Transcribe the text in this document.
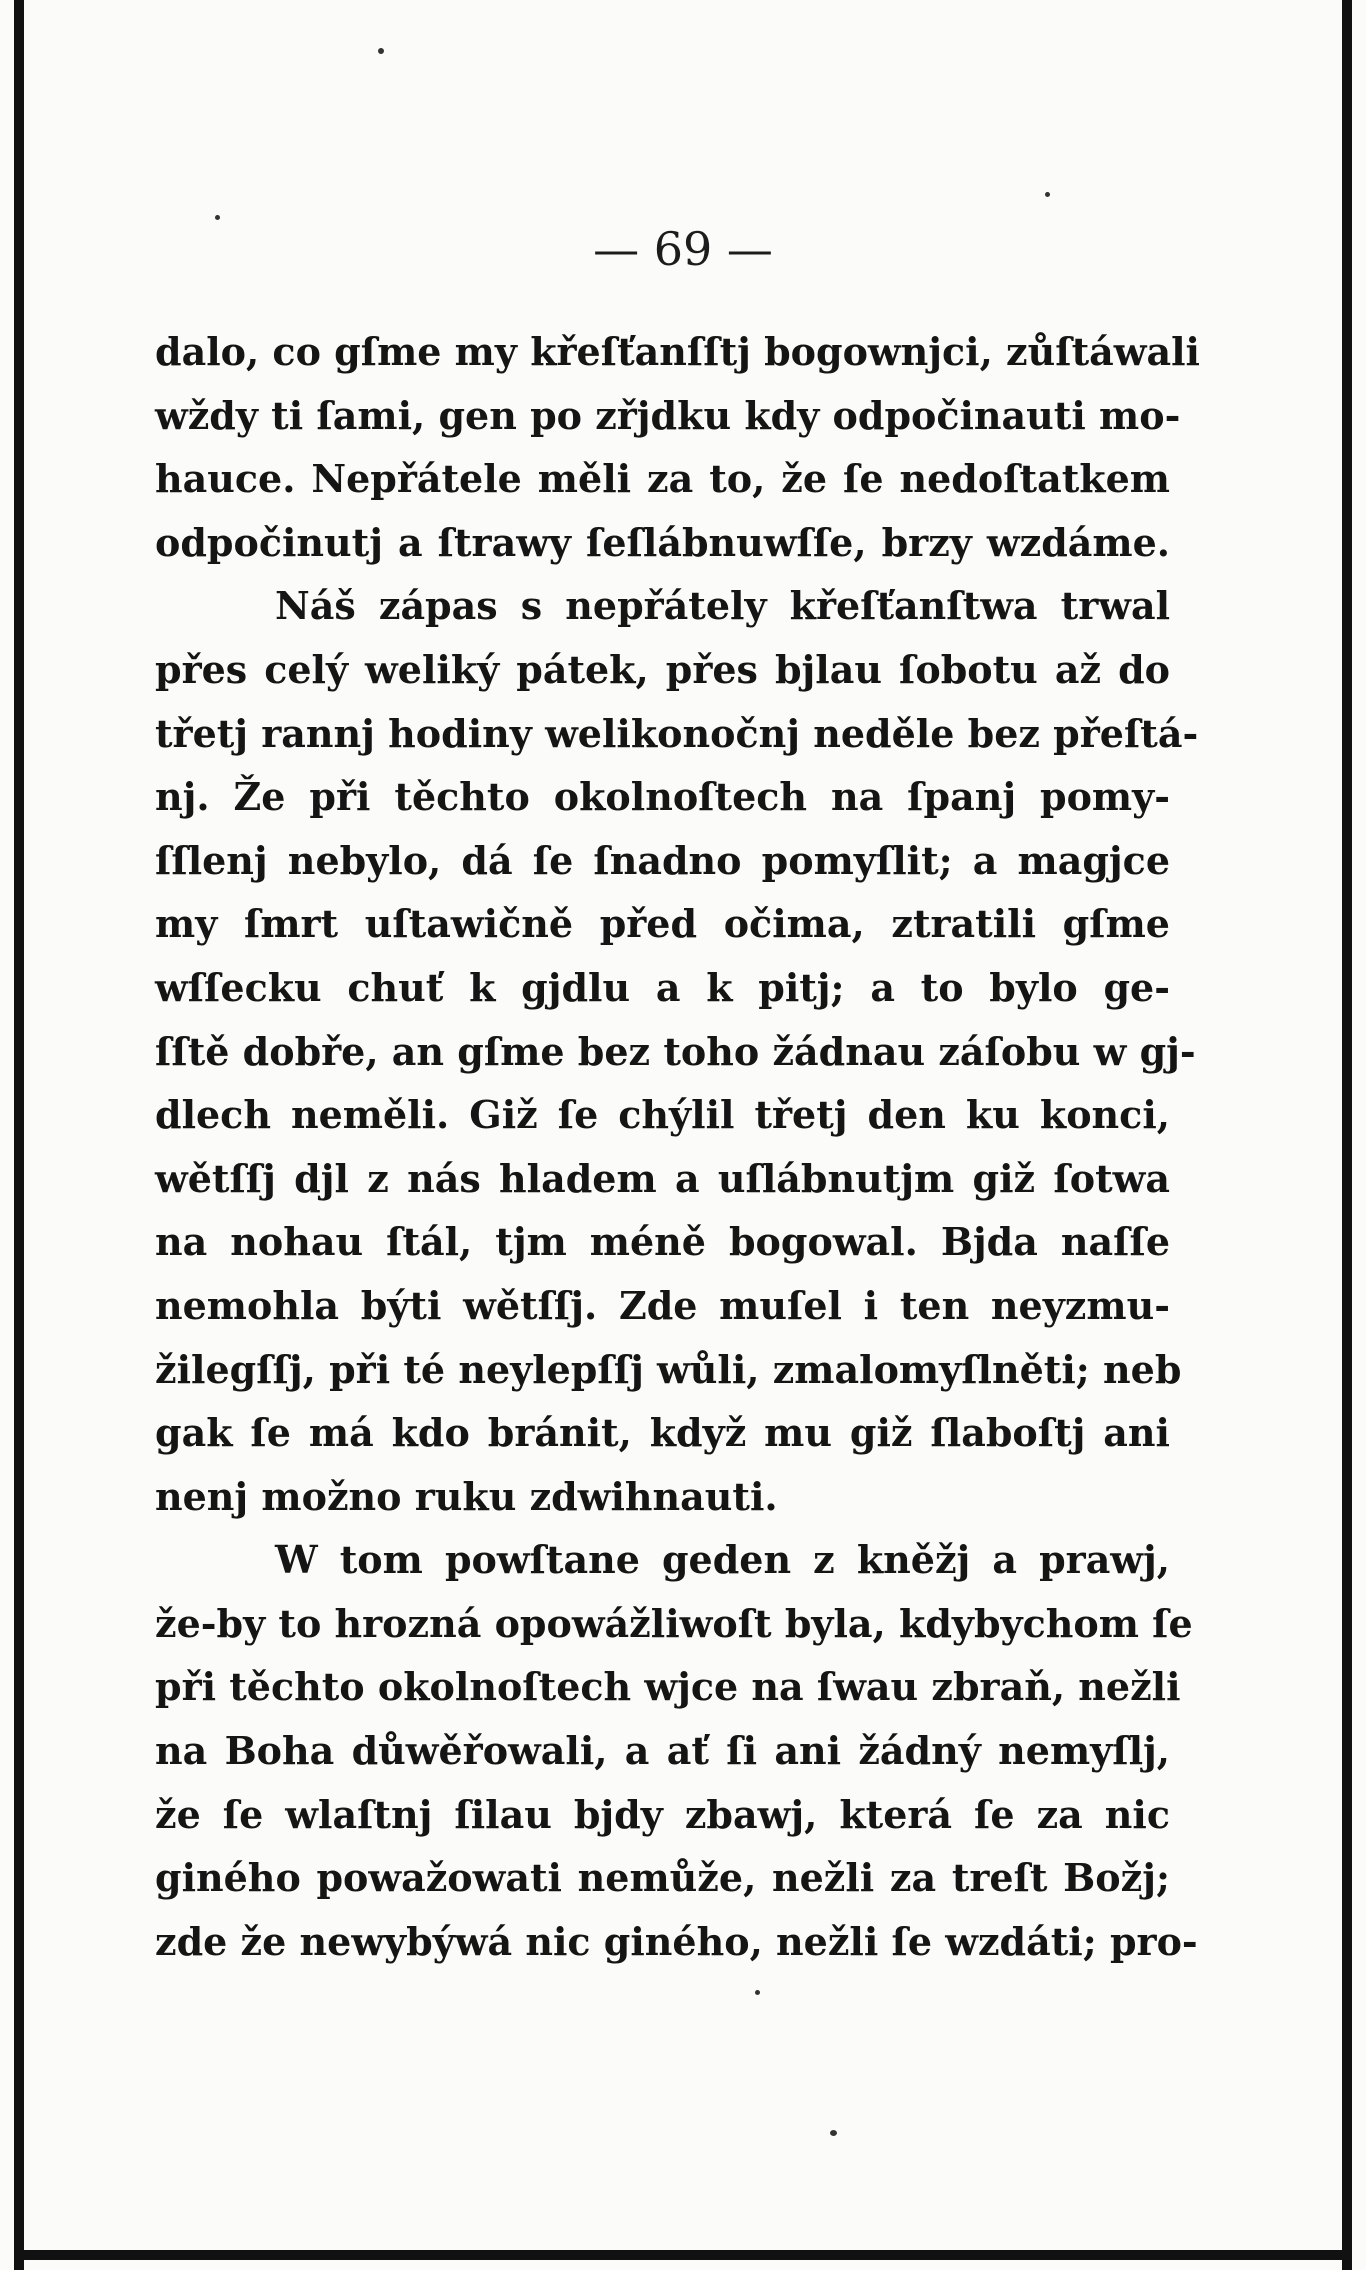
— 69 —
dalo, co gſme my křeſťanſſtj bogownjci, zůſtáwali
wždy ti ſami, gen po zřjdku kdy odpočinauti mo-
hauce. Nepřátele měli za to, že ſe nedoſtatkem
odpočinutj a ſtrawy ſeſlábnuwſſe, brzy wzdáme.
Náš zápas s nepřátely křeſťanſtwa trwal
přes celý weliký pátek, přes bjlau ſobotu až do
třetj rannj hodiny welikonočnj neděle bez přeſtá-
nj. Že při těchto okolnoſtech na ſpanj pomy-
ſſlenj nebylo, dá ſe ſnadno pomyſlit; a magjce
my ſmrt uſtawičně před očima, ztratili gſme
wſſecku chuť k gjdlu a k pitj; a to bylo ge-
ſſtě dobře, an gſme bez toho žádnau záſobu w gj-
dlech neměli. Giž ſe chýlil třetj den ku konci,
wětſſj djl z nás hladem a uſlábnutjm giž ſotwa
na nohau ſtál, tjm méně bogowal. Bjda naſſe
nemohla býti wětſſj. Zde muſel i ten neyzmu-
žilegſſj, při té neylepſſj wůli, zmalomyſlněti; neb
gak ſe má kdo bránit, když mu giž ſlaboſtj ani
nenj možno ruku zdwihnauti.
W tom powſtane geden z kněžj a prawj,
že-by to hrozná opowážliwoſt byla, kdybychom ſe
při těchto okolnoſtech wjce na ſwau zbraň, nežli
na Boha důwěřowali, a ať ſi ani žádný nemyſlj,
že ſe wlaſtnj ſilau bjdy zbawj, která ſe za nic
giného powažowati nemůže, nežli za treſt Božj;
zde že newybýwá nic giného, nežli ſe wzdáti; pro-
